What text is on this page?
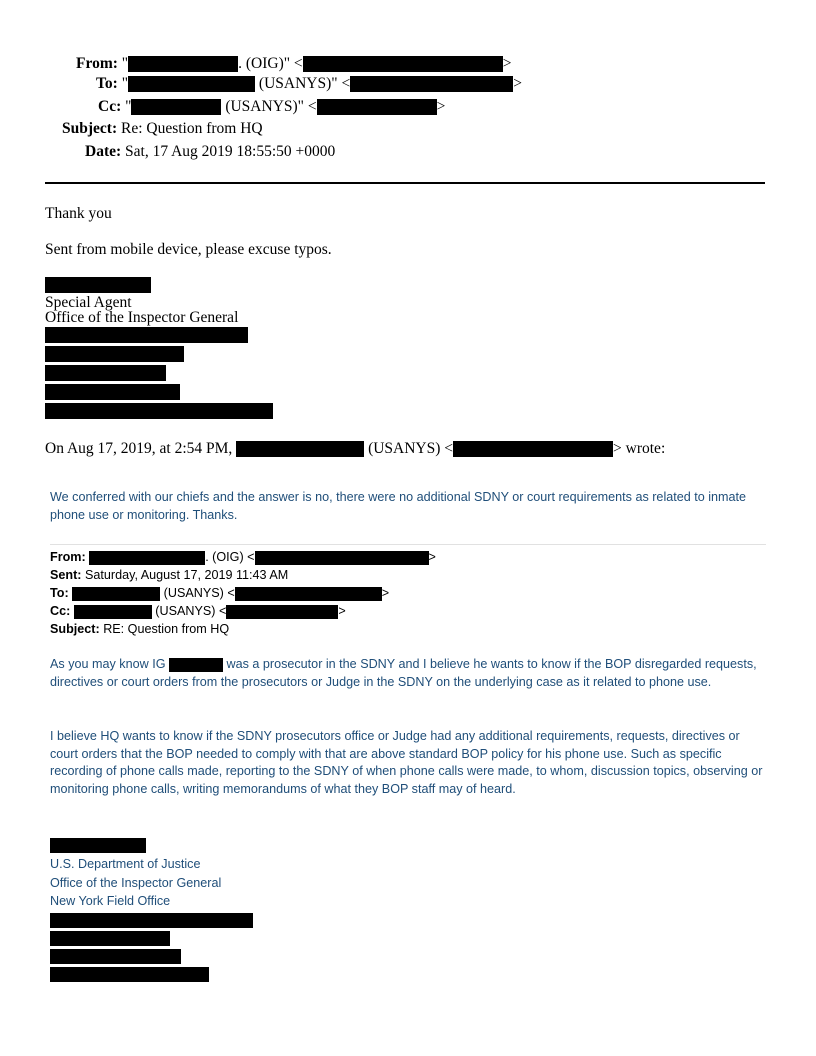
From: "	. (OIG)" <	>
To: "	(USANYS)" <	>
Cc: "	(USANYS)" <	>
Subject: Re: Question from HQ
Date: Sat, 17 Aug 2019 18:55:50 +0000
Thank you
Sent from mobile device, please excuse typos.
Special Agent
Office of the Inspector General
On Aug 17, 2019, at 2:54 PM,	(USANYS) <	> wrote:
We conferred with our chiefs and the answer is no, there were no additional SDNY or court requirements as related to inmate phone use or monitoring. Thanks.
From:	. (OIG) <	>
Sent: Saturday, August 17, 2019 11:43 AM
To:	(USANYS) <	>
Cc:	(USANYS) <	>
Subject: RE: Question from HQ
As you may know IG	was a prosecutor in the SDNY and I believe he wants to know if the BOP disregarded requests, directives or court orders from the prosecutors or Judge in the SDNY on the underlying case as it related to phone use.
I believe HQ wants to know if the SDNY prosecutors office or Judge had any additional requirements, requests, directives or court orders that the BOP needed to comply with that are above standard BOP policy for his phone use. Such as specific recording of phone calls made, reporting to the SDNY of when phone calls were made, to whom, discussion topics, observing or monitoring phone calls, writing memorandums of what they BOP staff may of heard.
U.S. Department of Justice
Office of the Inspector General
New York Field Office
